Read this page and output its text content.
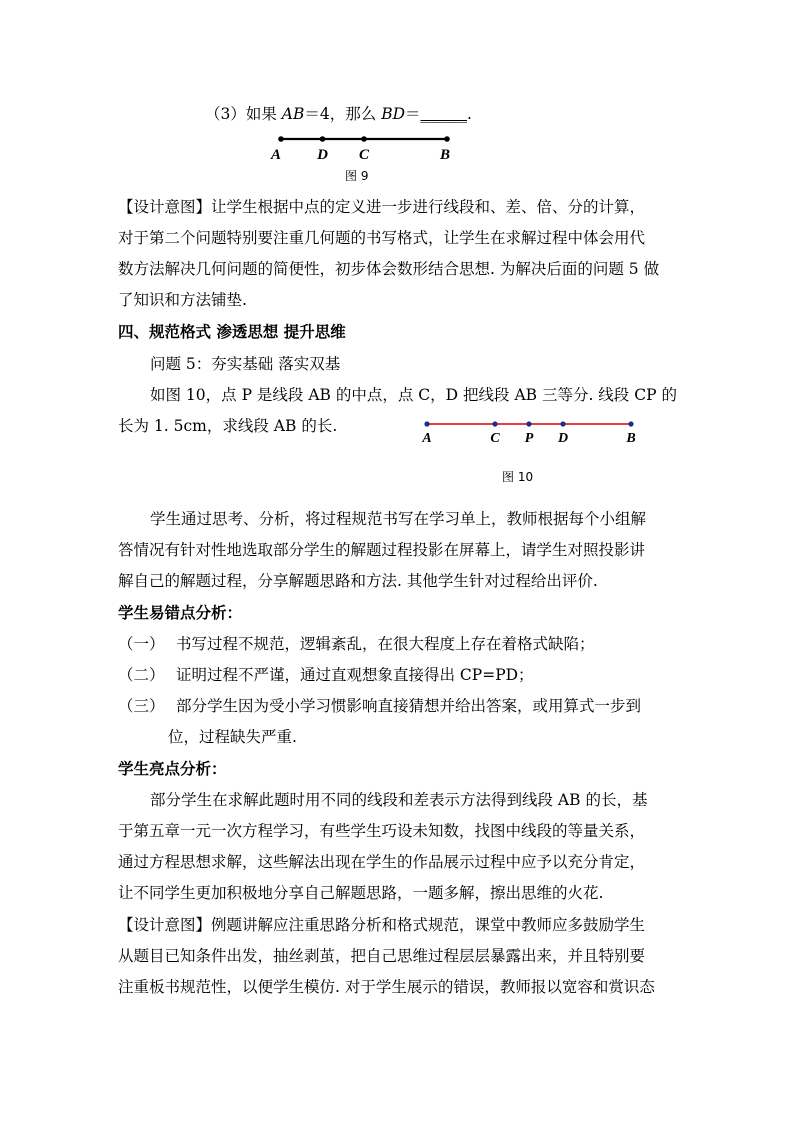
（3）如果 AB＝4，那么 BD＝______.
A D C	B
图 9
【设计意图】让学生根据中点的定义进一步进行线段和、差、倍、分的计算，
对于第二个问题特别要注重几何题的书写格式，让学生在求解过程中体会用代
数方法解决几何问题的简便性，初步体会数形结合思想. 为解决后面的问题 5 做
了知识和方法铺垫.
四、规范格式 渗透思想 提升思维
问题 5：夯实基础 落实双基
如图 10，点 P 是线段 AB 的中点，点 C，D 把线段 AB 三等分. 线段 CP 的
长为 1. 5cm，求线段 AB 的长.
A	C P D	B
图 10
学生通过思考、分析，将过程规范书写在学习单上，教师根据每个小组解
答情况有针对性地选取部分学生的解题过程投影在屏幕上，请学生对照投影讲
解自己的解题过程，分享解题思路和方法. 其他学生针对过程给出评价.
学生易错点分析：
（一） 书写过程不规范，逻辑紊乱，在很大程度上存在着格式缺陷；
（二） 证明过程不严谨，通过直观想象直接得出 CP=PD；
（三） 部分学生因为受小学习惯影响直接猜想并给出答案，或用算式一步到
位，过程缺失严重.
学生亮点分析：
部分学生在求解此题时用不同的线段和差表示方法得到线段 AB 的长，基
于第五章一元一次方程学习，有些学生巧设未知数，找图中线段的等量关系，
通过方程思想求解，这些解法出现在学生的作品展示过程中应予以充分肯定，
让不同学生更加积极地分享自己解题思路，一题多解，擦出思维的火花.
【设计意图】例题讲解应注重思路分析和格式规范，课堂中教师应多鼓励学生
从题目已知条件出发，抽丝剥茧，把自己思维过程层层暴露出来，并且特别要
注重板书规范性，以便学生模仿. 对于学生展示的错误，教师报以宽容和赏识态
